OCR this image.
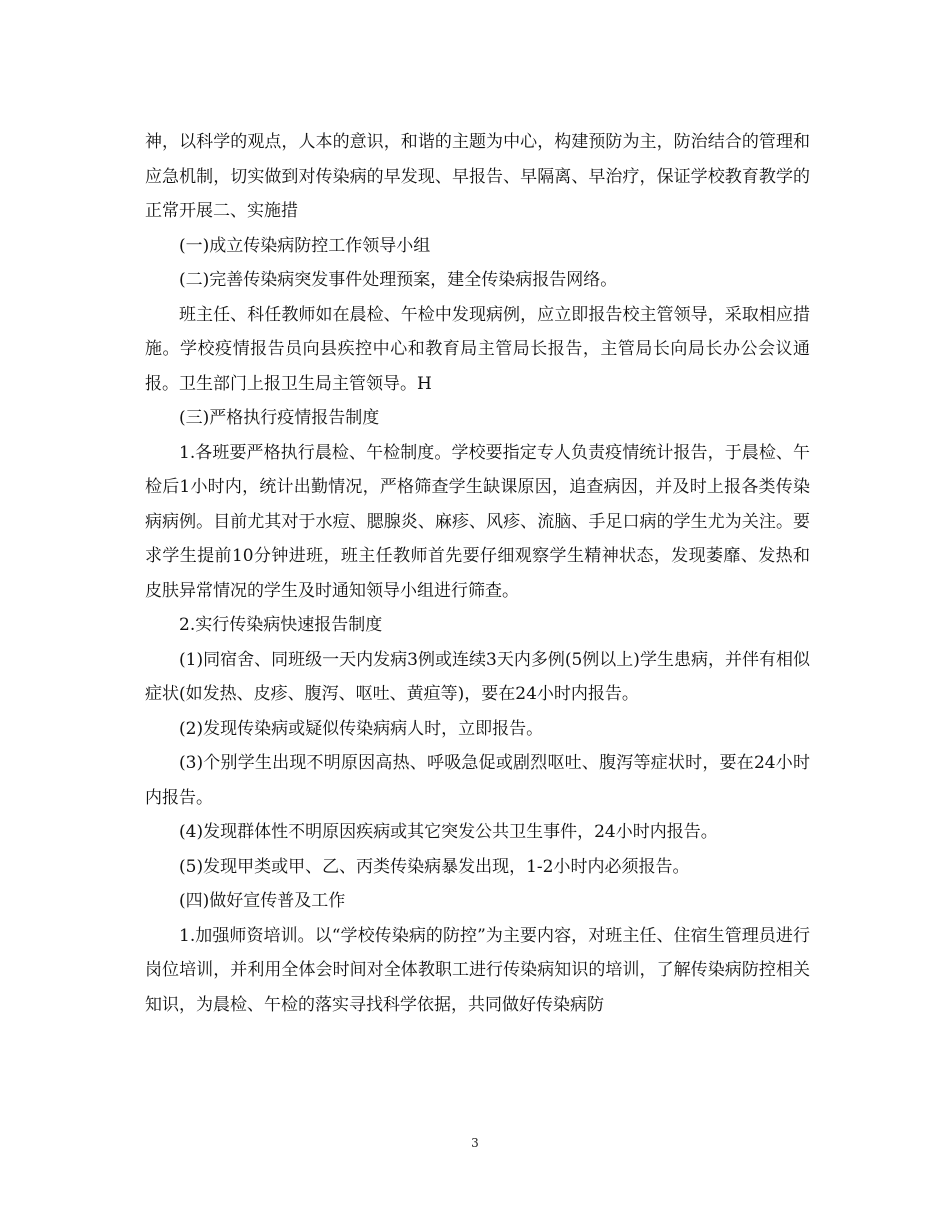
神，以科学的观点，人本的意识，和谐的主题为中心，构建预防为主，防治结合的管理和应急机制，切实做到对传染病的早发现、早报告、早隔离、早治疗，保证学校教育教学的正常开展二、实施措

(一)成立传染病防控工作领导小组

(二)完善传染病突发事件处理预案，建全传染病报告网络。

班主任、科任教师如在晨检、午检中发现病例，应立即报告校主管领导，采取相应措施。学校疫情报告员向县疾控中心和教育局主管局长报告，主管局长向局长办公会议通报。卫生部门上报卫生局主管领导。H

(三)严格执行疫情报告制度

1.各班要严格执行晨检、午检制度。学校要指定专人负责疫情统计报告，于晨检、午检后1小时内，统计出勤情况，严格筛查学生缺课原因，追查病因，并及时上报各类传染病病例。目前尤其对于水痘、腮腺炎、麻疹、风疹、流脑、手足口病的学生尤为关注。要求学生提前10分钟进班，班主任教师首先要仔细观察学生精神状态，发现萎靡、发热和皮肤异常情况的学生及时通知领导小组进行筛查。

2.实行传染病快速报告制度

(1)同宿舍、同班级一天内发病3例或连续3天内多例(5例以上)学生患病，并伴有相似症状(如发热、皮疹、腹泻、呕吐、黄疸等)，要在24小时内报告。

(2)发现传染病或疑似传染病病人时，立即报告。

(3)个别学生出现不明原因高热、呼吸急促或剧烈呕吐、腹泻等症状时，要在24小时内报告。

(4)发现群体性不明原因疾病或其它突发公共卫生事件，24小时内报告。

(5)发现甲类或甲、乙、丙类传染病暴发出现，1-2小时内必须报告。

(四)做好宣传普及工作

1.加强师资培训。以“学校传染病的防控”为主要内容，对班主任、住宿生管理员进行岗位培训，并利用全体会时间对全体教职工进行传染病知识的培训，了解传染病防控相关知识，为晨检、午检的落实寻找科学依据，共同做好传染病防

3
